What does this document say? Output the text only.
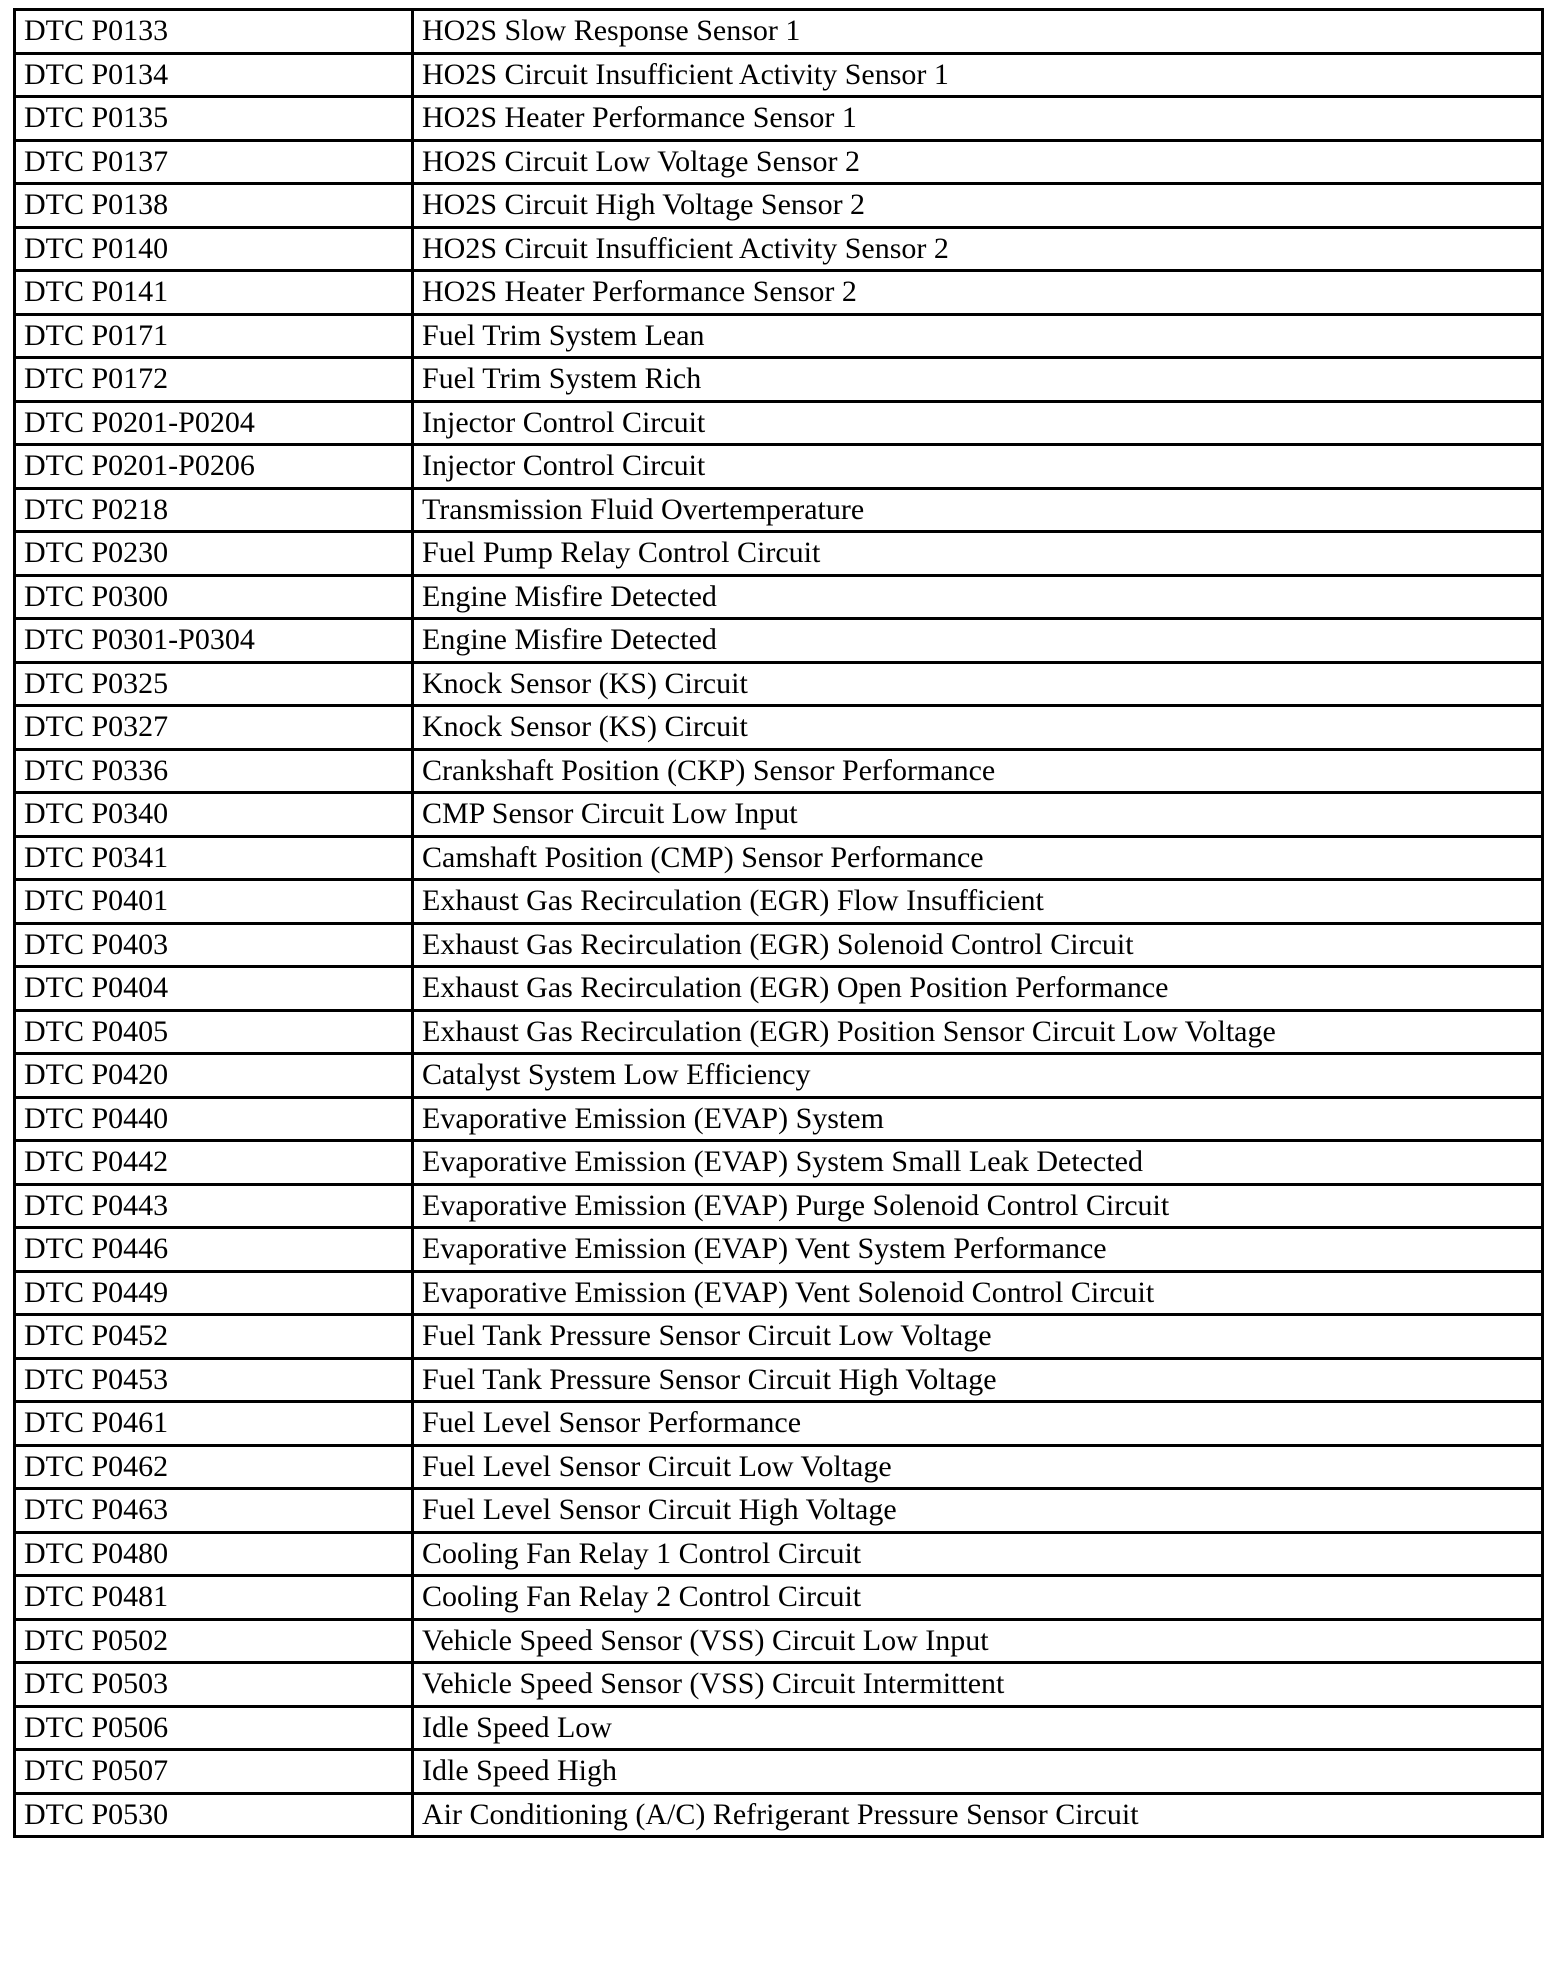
DTC P0133	HO2S Slow Response Sensor 1
DTC P0134	HO2S Circuit Insufficient Activity Sensor 1
DTC P0135	HO2S Heater Performance Sensor 1
DTC P0137	HO2S Circuit Low Voltage Sensor 2
DTC P0138	HO2S Circuit High Voltage Sensor 2
DTC P0140	HO2S Circuit Insufficient Activity Sensor 2
DTC P0141	HO2S Heater Performance Sensor 2
DTC P0171	Fuel Trim System Lean
DTC P0172	Fuel Trim System Rich
DTC P0201-P0204	Injector Control Circuit
DTC P0201-P0206	Injector Control Circuit
DTC P0218	Transmission Fluid Overtemperature
DTC P0230	Fuel Pump Relay Control Circuit
DTC P0300	Engine Misfire Detected
DTC P0301-P0304	Engine Misfire Detected
DTC P0325	Knock Sensor (KS) Circuit
DTC P0327	Knock Sensor (KS) Circuit
DTC P0336	Crankshaft Position (CKP) Sensor Performance
DTC P0340	CMP Sensor Circuit Low Input
DTC P0341	Camshaft Position (CMP) Sensor Performance
DTC P0401	Exhaust Gas Recirculation (EGR) Flow Insufficient
DTC P0403	Exhaust Gas Recirculation (EGR) Solenoid Control Circuit
DTC P0404	Exhaust Gas Recirculation (EGR) Open Position Performance
DTC P0405	Exhaust Gas Recirculation (EGR) Position Sensor Circuit Low Voltage
DTC P0420	Catalyst System Low Efficiency
DTC P0440	Evaporative Emission (EVAP) System
DTC P0442	Evaporative Emission (EVAP) System Small Leak Detected
DTC P0443	Evaporative Emission (EVAP) Purge Solenoid Control Circuit
DTC P0446	Evaporative Emission (EVAP) Vent System Performance
DTC P0449	Evaporative Emission (EVAP) Vent Solenoid Control Circuit
DTC P0452	Fuel Tank Pressure Sensor Circuit Low Voltage
DTC P0453	Fuel Tank Pressure Sensor Circuit High Voltage
DTC P0461	Fuel Level Sensor Performance
DTC P0462	Fuel Level Sensor Circuit Low Voltage
DTC P0463	Fuel Level Sensor Circuit High Voltage
DTC P0480	Cooling Fan Relay 1 Control Circuit
DTC P0481	Cooling Fan Relay 2 Control Circuit
DTC P0502	Vehicle Speed Sensor (VSS) Circuit Low Input
DTC P0503	Vehicle Speed Sensor (VSS) Circuit Intermittent
DTC P0506	Idle Speed Low
DTC P0507	Idle Speed High
DTC P0530	Air Conditioning (A/C) Refrigerant Pressure Sensor Circuit
